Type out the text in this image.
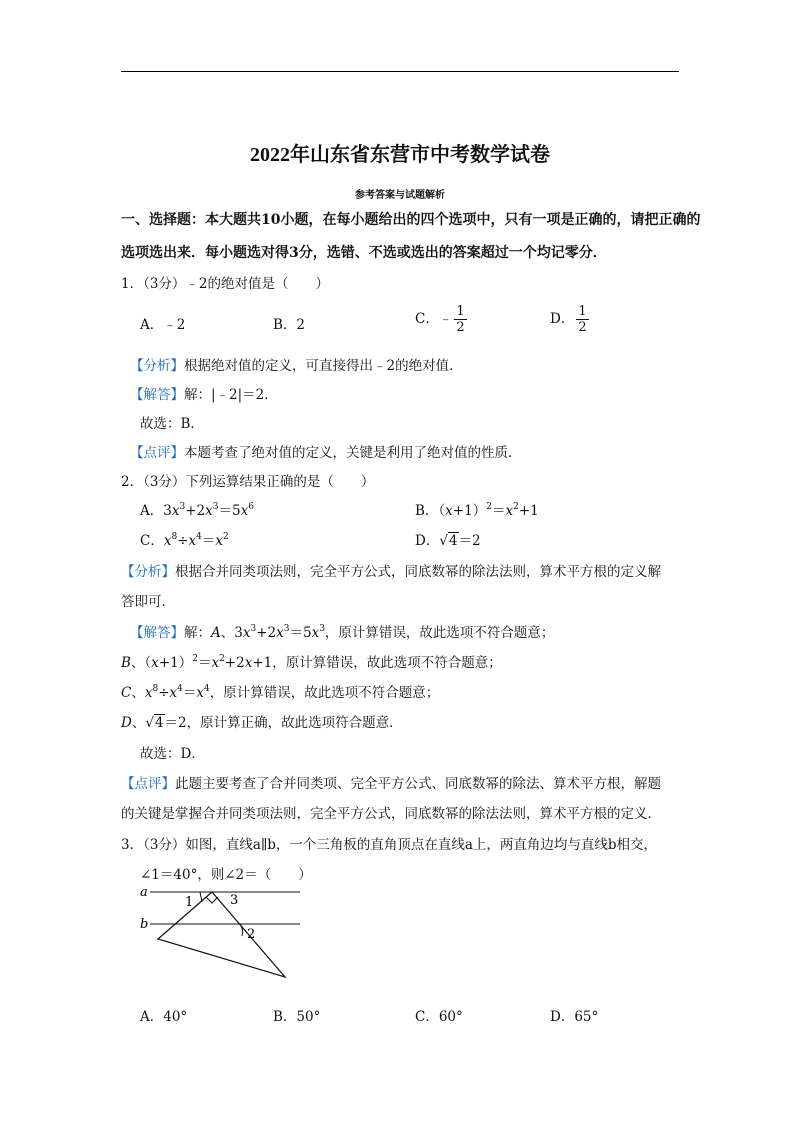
2022年山东省东营市中考数学试卷
参考答案与试题解析
一、选择题：本大题共10小题，在每小题给出的四个选项中，只有一项是正确的，请把正确的
选项选出来．每小题选对得3分，选错、不选或选出的答案超过一个均记零分．
1．（3分）﹣2的绝对值是（　　）
A．﹣2	B．2	C．﹣ $\frac{1}{2}$	D． $\frac{1}{2}$
【分析】根据绝对值的定义，可直接得出﹣2的绝对值．
【解答】解：|﹣2|＝2．
故选：B．
【点评】本题考查了绝对值的定义，关键是利用了绝对值的性质．
2．（3分）下列运算结果正确的是（　　）
A．$3x^3+2x^3=5x^6$	B．$(x+1)^2=x^2+1$
C．$x^8\div x^4=x^2$	D．√4＝2
【分析】根据合并同类项法则，完全平方公式，同底数幂的除法法则，算术平方根的定义解
答即可．
【解答】解：A、$3x^3+2x^3=5x^3$，原计算错误，故此选项不符合题意；
B、$(x+1)^2=x^2+2x+1$，原计算错误，故此选项不符合题意；
C、$x^8\div x^4=x^4$，原计算错误，故此选项不符合题意；
D、√4＝2，原计算正确，故此选项符合题意．
故选：D．
【点评】此题主要考查了合并同类项、完全平方公式、同底数幂的除法、算术平方根，解题
的关键是掌握合并同类项法则，完全平方公式，同底数幂的除法法则，算术平方根的定义．
3．（3分）如图，直线a∥b，一个三角板的直角顶点在直线a上，两直角边均与直线b相交，
∠1＝40°，则∠2＝（　　）
a
b
1	3
2
A．40°	B．50°	C．60°	D．65°
